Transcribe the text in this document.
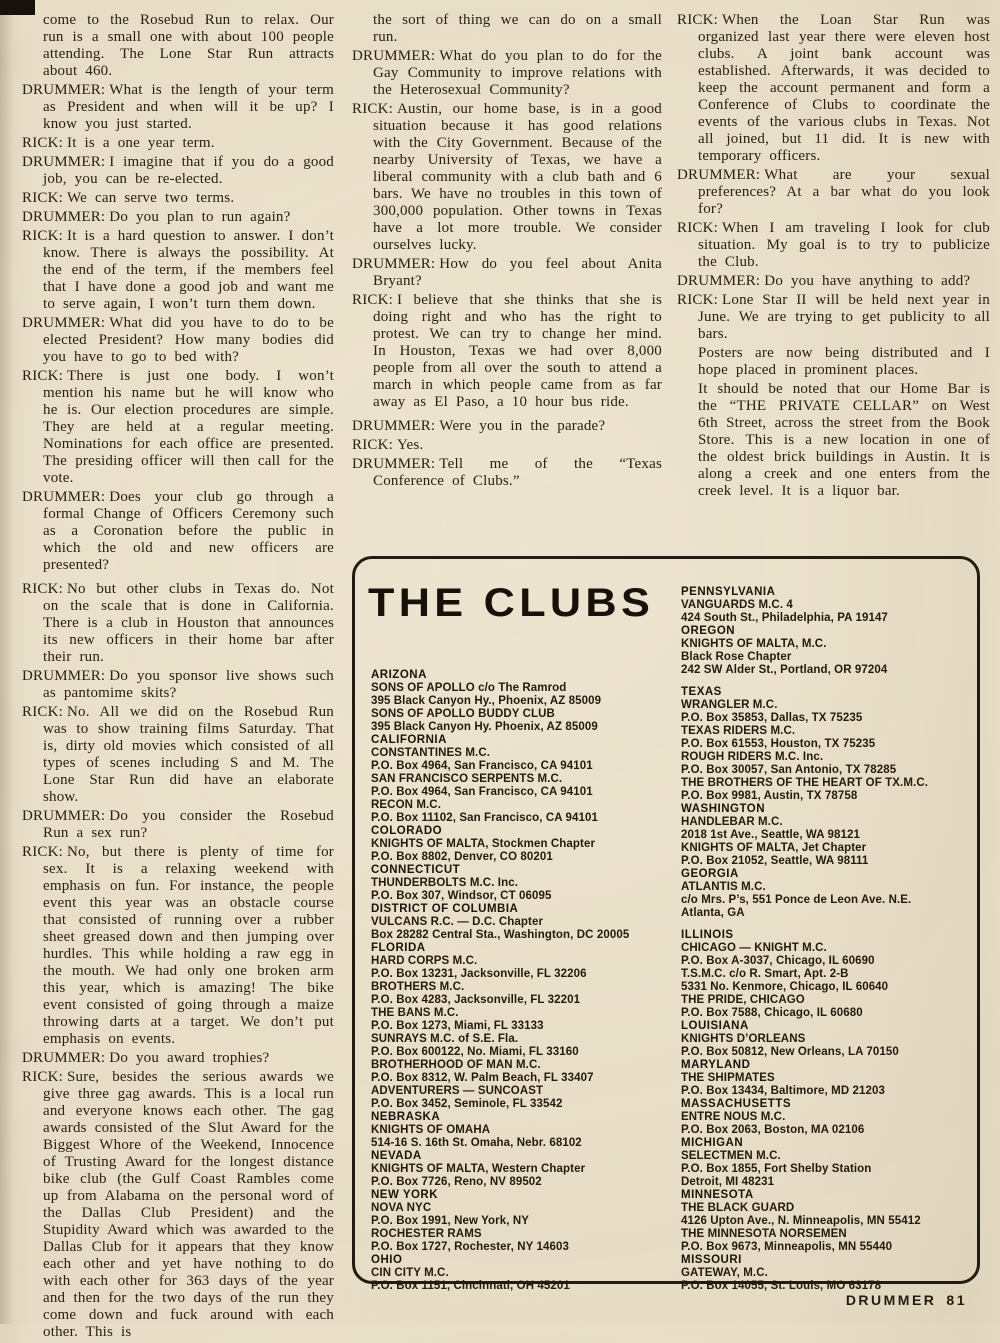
come to the Rosebud Run to relax. Our run is a small one with about 100 people attending. The Lone Star Run attracts about 460.

DRUMMER: What is the length of your term as President and when will it be up? I know you just started.

RICK: It is a one year term.

DRUMMER: I imagine that if you do a good job, you can be re-elected.

RICK: We can serve two terms.

DRUMMER: Do you plan to run again?

RICK: It is a hard question to answer. I don’t know. There is always the possibility. At the end of the term, if the members feel that I have done a good job and want me to serve again, I won’t turn them down.

DRUMMER: What did you have to do to be elected President? How many bodies did you have to go to bed with?

RICK: There is just one body. I won’t mention his name but he will know who he is. Our election procedures are simple. They are held at a regular meeting. Nominations for each office are presented. The presiding officer will then call for the vote.

DRUMMER: Does your club go through a formal Change of Officers Ceremony such as a Coronation before the public in which the old and new officers are presented?

RICK: No but other clubs in Texas do. Not on the scale that is done in California. There is a club in Houston that announces its new officers in their home bar after their run.

DRUMMER: Do you sponsor live shows such as pantomime skits?

RICK: No. All we did on the Rosebud Run was to show training films Saturday. That is, dirty old movies which consisted of all types of scenes including S and M. The Lone Star Run did have an elaborate show.

DRUMMER: Do you consider the Rosebud Run a sex run?

RICK: No, but there is plenty of time for sex. It is a relaxing weekend with emphasis on fun. For instance, the people event this year was an obstacle course that consisted of running over a rubber sheet greased down and then jumping over hurdles. This while holding a raw egg in the mouth. We had only one broken arm this year, which is amazing! The bike event consisted of going through a maize throwing darts at a target. We don’t put emphasis on events.

DRUMMER: Do you award trophies?

RICK: Sure, besides the serious awards we give three gag awards. This is a local run and everyone knows each other. The gag awards consisted of the Slut Award for the Biggest Whore of the Weekend, Innocence of Trusting Award for the longest distance bike club (the Gulf Coast Rambles come up from Alabama on the personal word of the Dallas Club President) and the Stupidity Award which was awarded to the Dallas Club for it appears that they know each other and yet have nothing to do with each other for 363 days of the year and then for the two days of the run they come down and fuck around with each other. This is

the sort of thing we can do on a small run.

DRUMMER: What do you plan to do for the Gay Community to improve relations with the Heterosexual Community?

RICK: Austin, our home base, is in a good situation because it has good relations with the City Government. Because of the nearby University of Texas, we have a liberal community with a club bath and 6 bars. We have no troubles in this town of 300,000 population. Other towns in Texas have a lot more trouble. We consider ourselves lucky.

DRUMMER: How do you feel about Anita Bryant?

RICK: I believe that she thinks that she is doing right and who has the right to protest. We can try to change her mind. In Houston, Texas we had over 8,000 people from all over the south to attend a march in which people came from as far away as El Paso, a 10 hour bus ride.

DRUMMER: Were you in the parade?

RICK: Yes.

DRUMMER: Tell me of the “Texas Conference of Clubs.”

RICK: When the Loan Star Run was organized last year there were eleven host clubs. A joint bank account was established. Afterwards, it was decided to keep the account permanent and form a Conference of Clubs to coordinate the events of the various clubs in Texas. Not all joined, but 11 did. It is new with temporary officers.

DRUMMER: What are your sexual preferences? At a bar what do you look for?

RICK: When I am traveling I look for club situation. My goal is to try to publicize the Club.

DRUMMER: Do you have anything to add?

RICK: Lone Star II will be held next year in June. We are trying to get publicity to all bars.

Posters are now being distributed and I hope placed in prominent places.

It should be noted that our Home Bar is the “THE PRIVATE CELLAR” on West 6th Street, across the street from the Book Store. This is a new location in one of the oldest brick buildings in Austin. It is along a creek and one enters from the creek level. It is a liquor bar.

THE CLUBS
ARIZONA
SONS OF APOLLO c/o The Ramrod
395 Black Canyon Hy., Phoenix, AZ 85009
SONS OF APOLLO BUDDY CLUB
395 Black Canyon Hy. Phoenix, AZ 85009
CALIFORNIA
CONSTANTINES M.C.
P.O. Box 4964, San Francisco, CA 94101
SAN FRANCISCO SERPENTS M.C.
P.O. Box 4964, San Francisco, CA 94101
RECON M.C.
P.O. Box 11102, San Francisco, CA 94101
COLORADO
KNIGHTS OF MALTA, Stockmen Chapter
P.O. Box 8802, Denver, CO 80201
CONNECTICUT
THUNDERBOLTS M.C. Inc.
P.O. Box 307, Windsor, CT 06095
DISTRICT OF COLUMBIA
VULCANS R.C. — D.C. Chapter
Box 28282 Central Sta., Washington, DC 20005
FLORIDA
HARD CORPS M.C.
P.O. Box 13231, Jacksonville, FL 32206
BROTHERS M.C.
P.O. Box 4283, Jacksonville, FL 32201
THE BANS M.C.
P.O. Box 1273, Miami, FL 33133
SUNRAYS M.C. of S.E. Fla.
P.O. Box 600122, No. Miami, FL 33160
BROTHERHOOD OF MAN M.C.
P.O. Box 8312, W. Palm Beach, FL 33407
ADVENTURERS — SUNCOAST
P.O. Box 3452, Seminole, FL 33542
NEBRASKA
KNIGHTS OF OMAHA
514-16 S. 16th St. Omaha, Nebr. 68102
NEVADA
KNIGHTS OF MALTA, Western Chapter
P.O. Box 7726, Reno, NV 89502
NEW YORK
NOVA NYC
P.O. Box 1991, New York, NY
ROCHESTER RAMS
P.O. Box 1727, Rochester, NY 14603
OHIO
CIN CITY M.C.
P.O. Box 1151, Cincinnati, OH 45201
PENNSYLVANIA
VANGUARDS M.C. 4
424 South St., Philadelphia, PA 19147
OREGON
KNIGHTS OF MALTA, M.C.
Black Rose Chapter
242 SW Alder St., Portland, OR 97204
TEXAS
WRANGLER M.C.
P.O. Box 35853, Dallas, TX 75235
TEXAS RIDERS M.C.
P.O. Box 61553, Houston, TX 75235
ROUGH RIDERS M.C. Inc.
P.O. Box 30057, San Antonio, TX 78285
THE BROTHERS OF THE HEART OF TX.M.C.
P.O. Box 9981, Austin, TX 78758
WASHINGTON
HANDLEBAR M.C.
2018 1st Ave., Seattle, WA 98121
KNIGHTS OF MALTA, Jet Chapter
P.O. Box 21052, Seattle, WA 98111
GEORGIA
ATLANTIS M.C.
c/o Mrs. P’s, 551 Ponce de Leon Ave. N.E.
Atlanta, GA
ILLINOIS
CHICAGO — KNIGHT M.C.
P.O. Box A-3037, Chicago, IL 60690
T.S.M.C. c/o R. Smart, Apt. 2-B
5331 No. Kenmore, Chicago, IL 60640
THE PRIDE, CHICAGO
P.O. Box 7588, Chicago, IL 60680
LOUISIANA
KNIGHTS D’ORLEANS
P.O. Box 50812, New Orleans, LA 70150
MARYLAND
THE SHIPMATES
P.O. Box 13434, Baltimore, MD 21203
MASSACHUSETTS
ENTRE NOUS M.C.
P.O. Box 2063, Boston, MA 02106
MICHIGAN
SELECTMEN M.C.
P.O. Box 1855, Fort Shelby Station
Detroit, MI 48231
MINNESOTA
THE BLACK GUARD
4126 Upton Ave., N. Minneapolis, MN 55412
THE MINNESOTA NORSEMEN
P.O. Box 9673, Minneapolis, MN 55440
MISSOURI
GATEWAY, M.C.
P.O. Box 14055, St. Louis, MO 63178
DRUMMER 81
